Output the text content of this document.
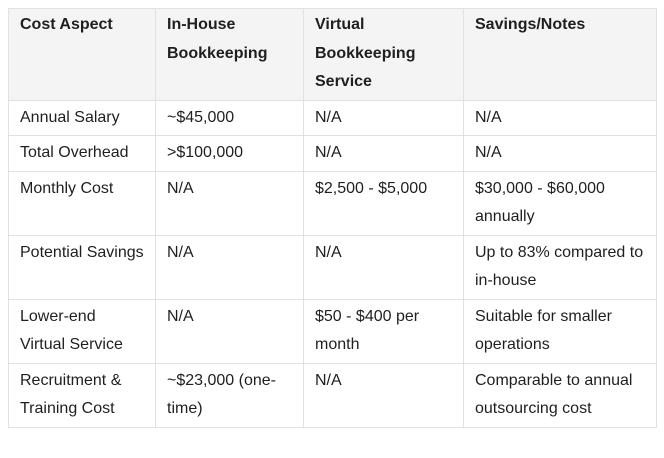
Cost Aspect	In-House Bookkeeping	Virtual Bookkeeping Service	Savings/Notes
Annual Salary	~$45,000	N/A	N/A
Total Overhead	>$100,000	N/A	N/A
Monthly Cost	N/A	$2,500 - $5,000	$30,000 - $60,000 annually
Potential Savings	N/A	N/A	Up to 83% compared to in-house
Lower-end Virtual Service	N/A	$50 - $400 per month	Suitable for smaller operations
Recruitment & Training Cost	~$23,000 (one-time)	N/A	Comparable to annual outsourcing cost
